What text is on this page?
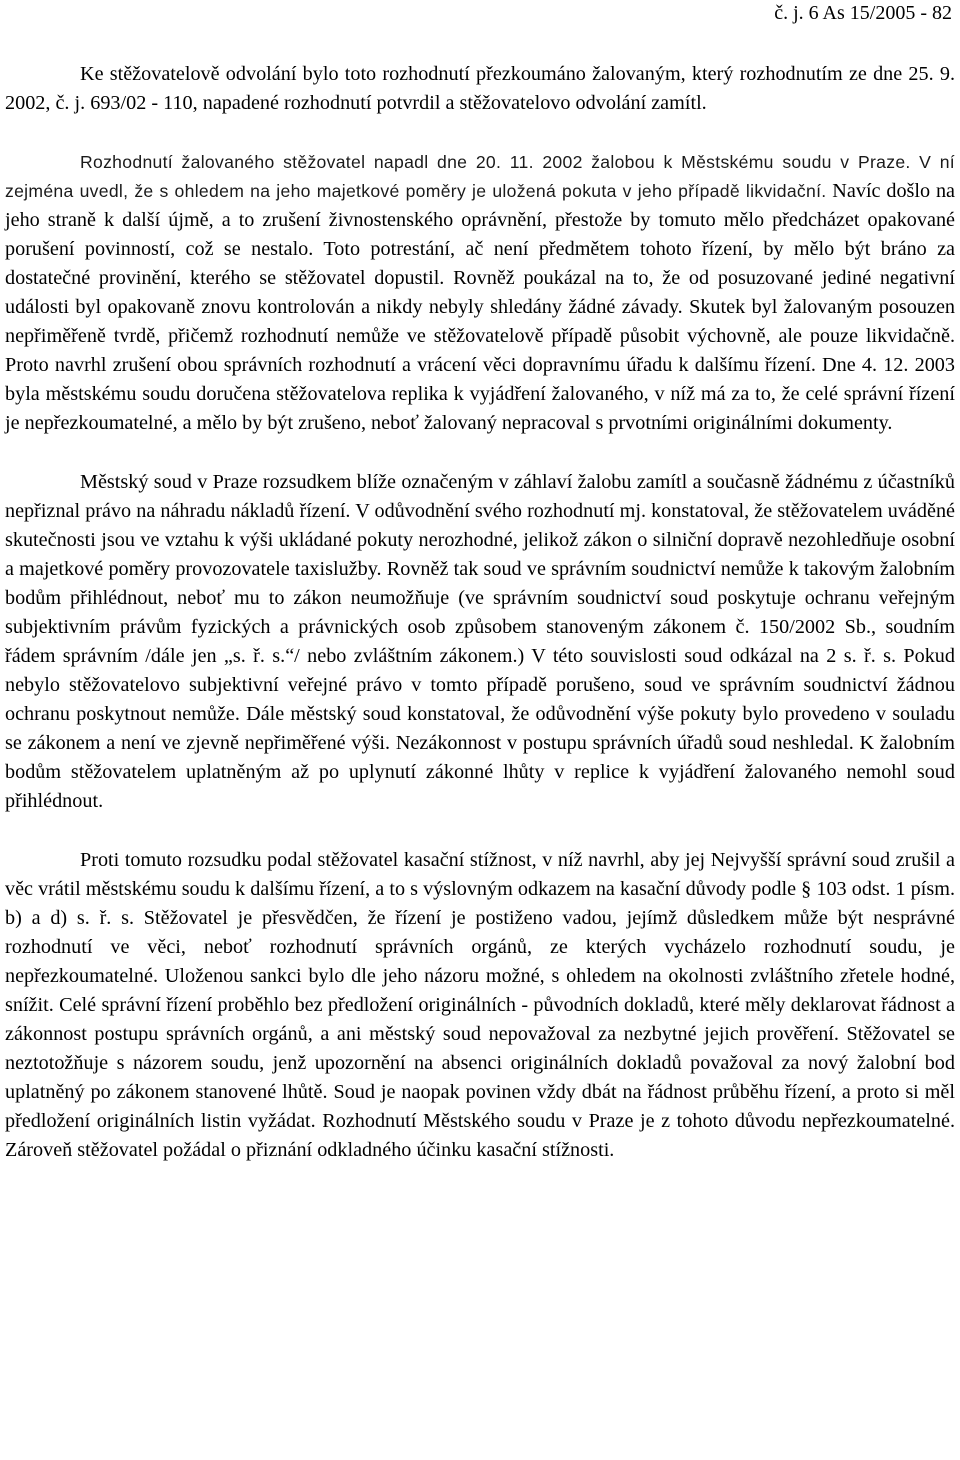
č. j. 6 As 15/2005 - 82

Ke stěžovatelově odvolání bylo toto rozhodnutí přezkoumáno žalovaným, který rozhodnutím ze dne 25. 9. 2002, č. j. 693/02 - 110, napadené rozhodnutí potvrdil a stěžovatelovo odvolání zamítl.

Rozhodnutí žalovaného stěžovatel napadl dne 20. 11. 2002 žalobou k Městskému soudu v Praze. V ní zejména uvedl, že s ohledem na jeho majetkové poměry je uložená pokuta v jeho případě likvidační. Navíc došlo na jeho straně k další újmě, a to zrušení živnostenského oprávnění, přestože by tomuto mělo předcházet opakované porušení povinností, což se nestalo. Toto potrestání, ač není předmětem tohoto řízení, by mělo být bráno za dostatečné provinění, kterého se stěžovatel dopustil. Rovněž poukázal na to, že od posuzované jediné negativní události byl opakovaně znovu kontrolován a nikdy nebyly shledány žádné závady. Skutek byl žalovaným posouzen nepřiměřeně tvrdě, přičemž rozhodnutí nemůže ve stěžovatelově případě působit výchovně, ale pouze likvidačně. Proto navrhl zrušení obou správních rozhodnutí a vrácení věci dopravnímu úřadu k dalšímu řízení. Dne 4. 12. 2003 byla městskému soudu doručena stěžovatelova replika k vyjádření žalovaného, v níž má za to, že celé správní řízení je nepřezkoumatelné, a mělo by být zrušeno, neboť žalovaný nepracoval s prvotními originálními dokumenty.

Městský soud v Praze rozsudkem blíže označeným v záhlaví žalobu zamítl a současně žádnému z účastníků nepřiznal právo na náhradu nákladů řízení. V odůvodnění svého rozhodnutí mj. konstatoval, že stěžovatelem uváděné skutečnosti jsou ve vztahu k výši ukládané pokuty nerozhodné, jelikož zákon o silniční dopravě nezohledňuje osobní a majetkové poměry provozovatele taxislužby. Rovněž tak soud ve správním soudnictví nemůže k takovým žalobním bodům přihlédnout, neboť mu to zákon neumožňuje (ve správním soudnictví soud poskytuje ochranu veřejným subjektivním právům fyzických a právnických osob způsobem stanoveným zákonem č. 150/2002 Sb., soudním řádem správním /dále jen „s. ř. s.“/ nebo zvláštním zákonem.) V této souvislosti soud odkázal na 2 s. ř. s. Pokud nebylo stěžovatelovo subjektivní veřejné právo v tomto případě porušeno, soud ve správním soudnictví žádnou ochranu poskytnout nemůže. Dále městský soud konstatoval, že odůvodnění výše pokuty bylo provedeno v souladu se zákonem a není ve zjevně nepřiměřené výši. Nezákonnost v postupu správních úřadů soud neshledal. K žalobním bodům stěžovatelem uplatněným až po uplynutí zákonné lhůty v replice k vyjádření žalovaného nemohl soud přihlédnout.

Proti tomuto rozsudku podal stěžovatel kasační stížnost, v níž navrhl, aby jej Nejvyšší správní soud zrušil a věc vrátil městskému soudu k dalšímu řízení, a to s výslovným odkazem na kasační důvody podle § 103 odst. 1 písm. b) a d) s. ř. s. Stěžovatel je přesvědčen, že řízení je postiženo vadou, jejímž důsledkem může být nesprávné rozhodnutí ve věci, neboť rozhodnutí správních orgánů, ze kterých vycházelo rozhodnutí soudu, je nepřezkoumatelné. Uloženou sankci bylo dle jeho názoru možné, s ohledem na okolnosti zvláštního zřetele hodné, snížit. Celé správní řízení proběhlo bez předložení originálních - původních dokladů, které měly deklarovat řádnost a zákonnost postupu správních orgánů, a ani městský soud nepovažoval za nezbytné jejich prověření. Stěžovatel se neztotožňuje s názorem soudu, jenž upozornění na absenci originálních dokladů považoval za nový žalobní bod uplatněný po zákonem stanovené lhůtě. Soud je naopak povinen vždy dbát na řádnost průběhu řízení, a proto si měl předložení originálních listin vyžádat. Rozhodnutí Městského soudu v Praze je z tohoto důvodu nepřezkoumatelné. Zároveň stěžovatel požádal o přiznání odkladného účinku kasační stížnosti.
